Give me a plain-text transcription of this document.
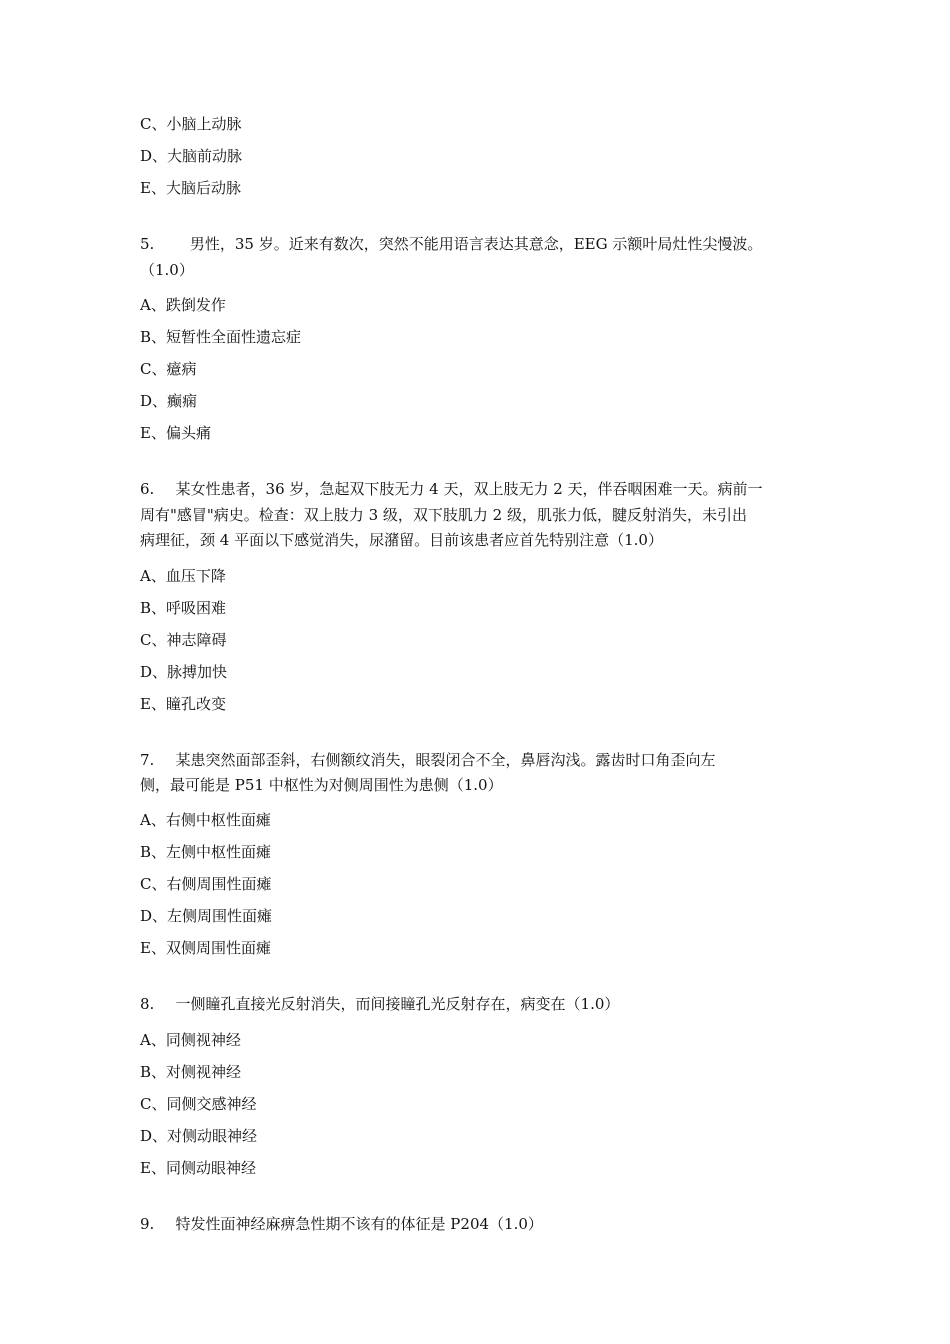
C、小脑上动脉
D、大脑前动脉
E、大脑后动脉
5.     男性，35 岁。近来有数次，突然不能用语言表达其意念，EEG 示额叶局灶性尖慢波。
（1.0）
A、跌倒发作
B、短暂性全面性遗忘症
C、癔病
D、癫痫
E、偏头痛
6.  某女性患者，36 岁，急起双下肢无力 4 天，双上肢无力 2 天，伴吞咽困难一天。病前一
周有"感冒"病史。检查：双上肢力 3 级，双下肢肌力 2 级，肌张力低，腱反射消失，未引出
病理征，颈 4 平面以下感觉消失，尿潴留。目前该患者应首先特别注意（1.0）
A、血压下降
B、呼吸困难
C、神志障碍
D、脉搏加快
E、瞳孔改变
7.  某患突然面部歪斜，右侧额纹消失，眼裂闭合不全，鼻唇沟浅。露齿时口角歪向左
侧，最可能是 P51 中枢性为对侧周围性为患侧（1.0）
A、右侧中枢性面瘫
B、左侧中枢性面瘫
C、右侧周围性面瘫
D、左侧周围性面瘫
E、双侧周围性面瘫
8.  一侧瞳孔直接光反射消失，而间接瞳孔光反射存在，病变在（1.0）
A、同侧视神经
B、对侧视神经
C、同侧交感神经
D、对侧动眼神经
E、同侧动眼神经
9.  特发性面神经麻痹急性期不该有的体征是 P204（1.0）
